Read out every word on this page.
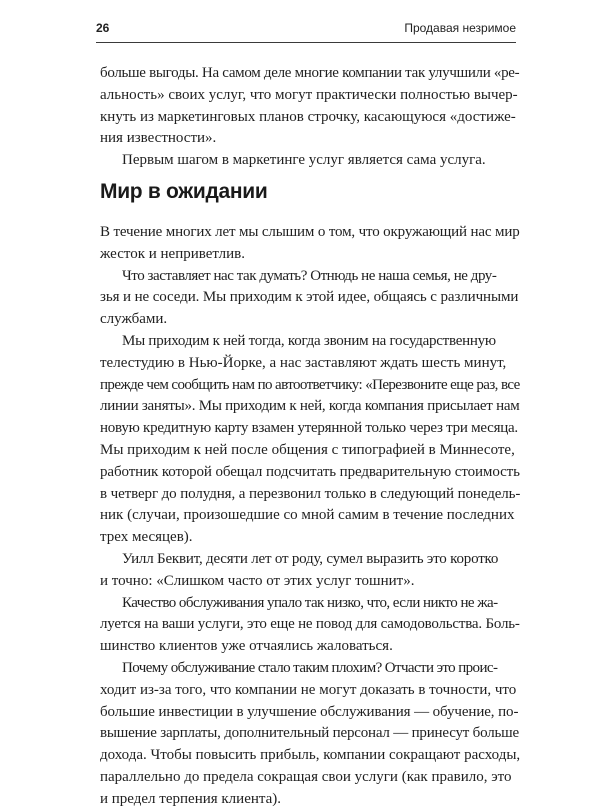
26	Продавая незримое

больше выгоды. На самом деле многие компании так улучшили «ре-
альность» своих услуг, что могут практически полностью вычер-
кнуть из маркетинговых планов строчку, касающуюся «достиже-
ния известности».

Первым шагом в маркетинге услуг является сама услуга.

Мир в ожидании

В течение многих лет мы слышим о том, что окружающий нас мир
жесток и неприветлив.

Что заставляет нас так думать? Отнюдь не наша семья, не дру-
зья и не соседи. Мы приходим к этой идее, общаясь с различными
службами.

Мы приходим к ней тогда, когда звоним на государственную
телестудию в Нью-Йорке, а нас заставляют ждать шесть минут,
прежде чем сообщить нам по автоответчику: «Перезвоните еще раз, все
линии заняты». Мы приходим к ней, когда компания присылает нам
новую кредитную карту взамен утерянной только через три месяца.
Мы приходим к ней после общения с типографией в Миннесоте,
работник которой обещал подсчитать предварительную стоимость
в четверг до полудня, а перезвонил только в следующий понедель-
ник (случаи, произошедшие со мной самим в течение последних
трех месяцев).

Уилл Беквит, десяти лет от роду, сумел выразить это коротко
и точно: «Слишком часто от этих услуг тошнит».

Качество обслуживания упало так низко, что, если никто не жа-
луется на ваши услуги, это еще не повод для самодовольства. Боль-
шинство клиентов уже отчаялись жаловаться.

Почему обслуживание стало таким плохим? Отчасти это проис-
ходит из-за того, что компании не могут доказать в точности, что
большие инвестиции в улучшение обслуживания — обучение, по-
вышение зарплаты, дополнительный персонал — принесут больше
дохода. Чтобы повысить прибыль, компании сокращают расходы,
параллельно до предела сокращая свои услуги (как правило, это
и предел терпения клиента).
